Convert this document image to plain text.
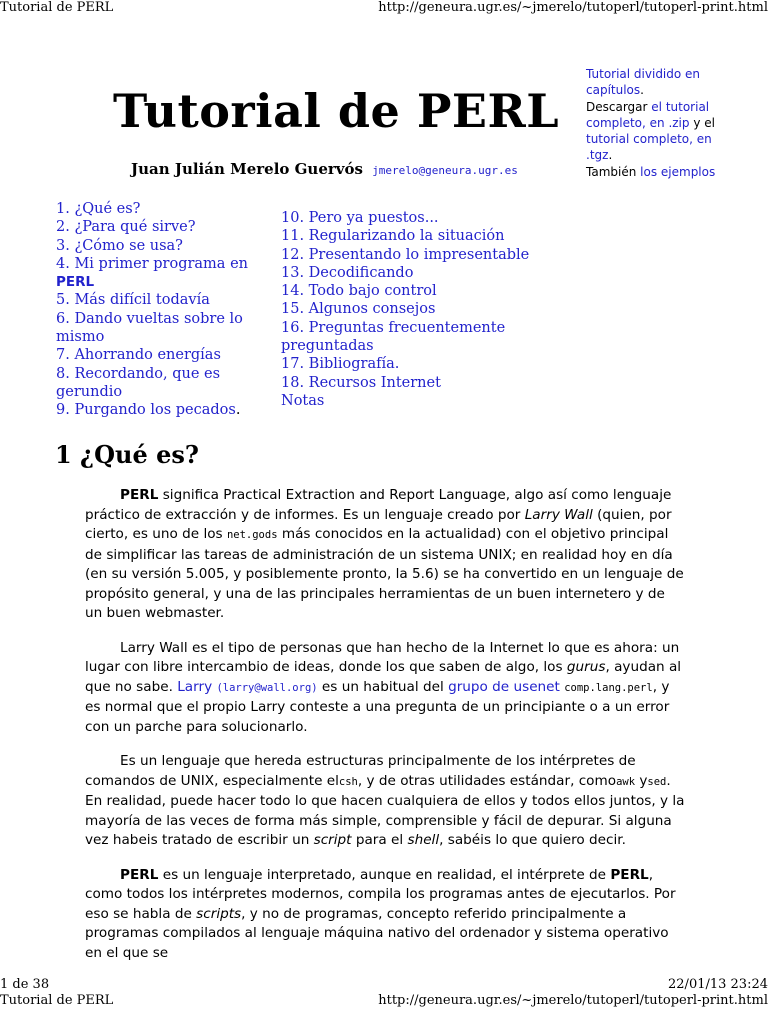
Tutorial de PERL	http://geneura.ugr.es/~jmerelo/tutoperl/tutoperl-print.html
Tutorial de PERL
Juan Julián Merelo Guervós jmerelo@geneura.ugr.es
Tutorial dividido en capítulos.
Descargar el tutorial completo, en .zip y el tutorial completo, en .tgz.
También los ejemplos
1. ¿Qué es?
2. ¿Para qué sirve?
3. ¿Cómo se usa?
4. Mi primer programa en
PERL
5. Más difícil todavía
6. Dando vueltas sobre lo mismo
7. Ahorrando energías
8. Recordando, que es gerundio
9. Purgando los pecados.
10. Pero ya puestos...
11. Regularizando la situación
12. Presentando lo impresentable
13. Decodificando
14. Todo bajo control
15. Algunos consejos
16. Preguntas frecuentemente preguntadas
17. Bibliografía.
18. Recursos Internet
Notas
1 ¿Qué es?

PERL significa Practical Extraction and Report Language, algo así como lenguaje práctico de extracción y de informes. Es un lenguaje creado por Larry Wall (quien, por cierto, es uno de los net.gods más conocidos en la actualidad) con el objetivo principal de simplificar las tareas de administración de un sistema UNIX; en realidad hoy en día (en su versión 5.005, y posiblemente pronto, la 5.6) se ha convertido en un lenguaje de propósito general, y una de las principales herramientas de un buen internetero y de un buen webmaster.

Larry Wall es el tipo de personas que han hecho de la Internet lo que es ahora: un lugar con libre intercambio de ideas, donde los que saben de algo, los gurus, ayudan al que no sabe. Larry (larry@wall.org) es un habitual del grupo de usenet comp.lang.perl, y es normal que el propio Larry conteste a una pregunta de un principiante o a un error con un parche para solucionarlo.

Es un lenguaje que hereda estructuras principalmente de los intérpretes de comandos de UNIX, especialmente elcsh, y de otras utilidades estándar, comoawk ysed. En realidad, puede hacer todo lo que hacen cualquiera de ellos y todos ellos juntos, y la mayoría de las veces de forma más simple, comprensible y fácil de depurar. Si alguna vez habeis tratado de escribir un script para el shell, sabéis lo que quiero decir.

PERL es un lenguaje interpretado, aunque en realidad, el intérprete de PERL, como todos los intérpretes modernos, compila los programas antes de ejecutarlos. Por eso se habla de scripts, y no de programas, concepto referido principalmente a programas compilados al lenguaje máquina nativo del ordenador y sistema operativo en el que se

1 de 38	22/01/13 23:24
Tutorial de PERL	http://geneura.ugr.es/~jmerelo/tutoperl/tutoperl-print.html
